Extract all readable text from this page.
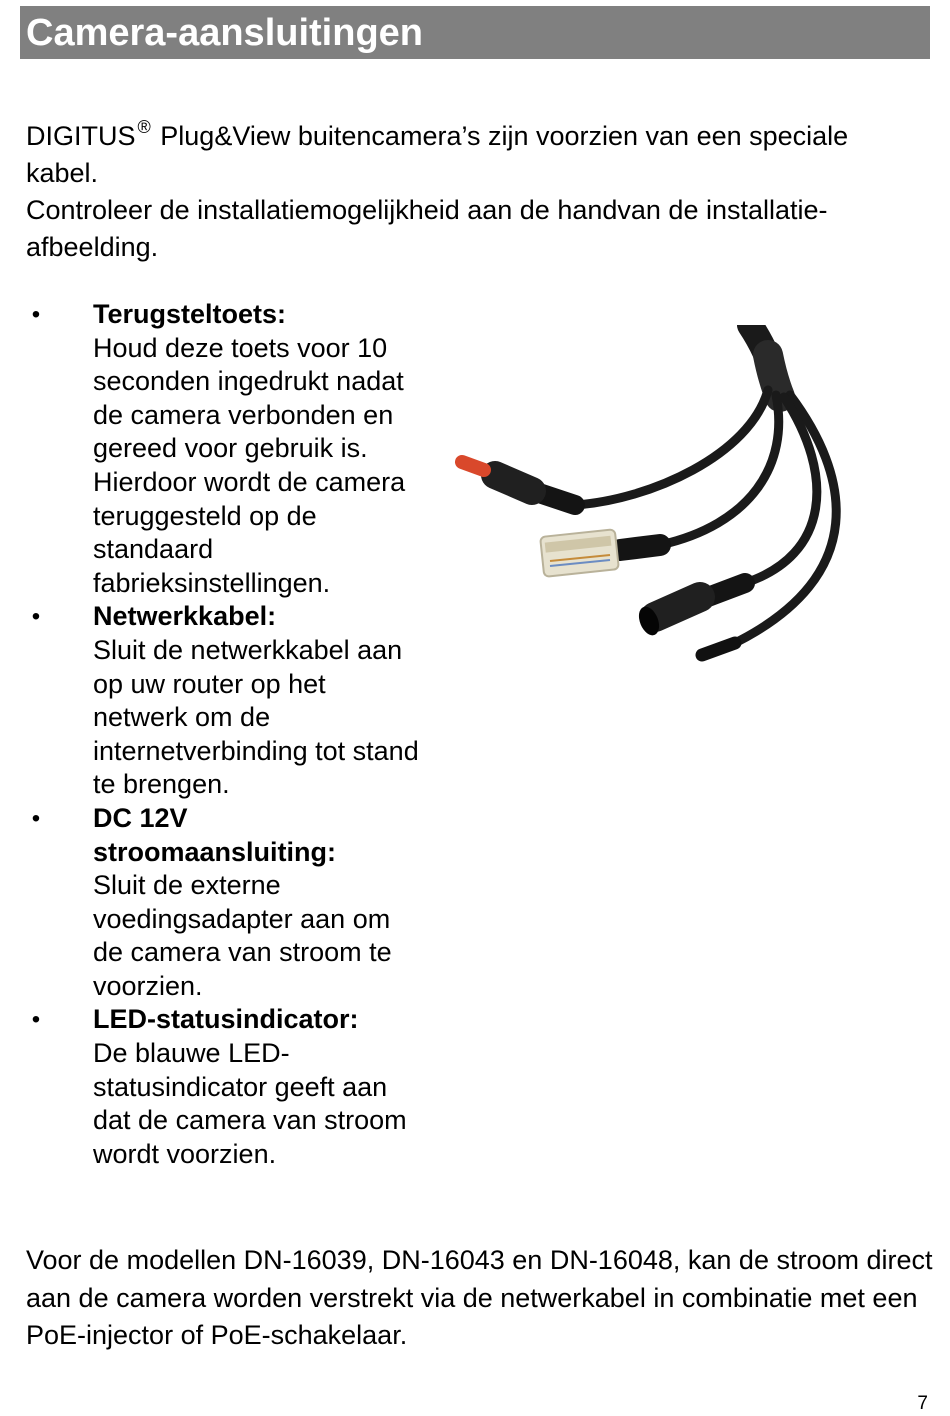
Camera-aansluitingen

DIGITUS ® Plug&View buitencamera’s zijn voorzien van een speciale kabel.

Controleer de installatiemogelijkheid aan de handvan de installatie-afbeelding.

• Terugsteltoets:
Houd deze toets voor 10 seconden ingedrukt nadat de camera verbonden en gereed voor gebruik is. Hierdoor wordt de camera teruggesteld op de standaard fabrieksinstellingen.
• Netwerkkabel:
Sluit de netwerkkabel aan op uw router op het netwerk om de internetverbinding tot stand te brengen.
• DC 12V stroomaansluiting:
Sluit de externe voedingsadapter aan om de camera van stroom te voorzien.
• LED-statusindicator:
De blauwe LED-statusindicator geeft aan dat de camera van stroom wordt voorzien.

Voor de modellen DN-16039, DN-16043 en DN-16048, kan de stroom direct aan de camera worden verstrekt via de netwerkabel in combinatie met een PoE-injector of PoE-schakelaar.

7
